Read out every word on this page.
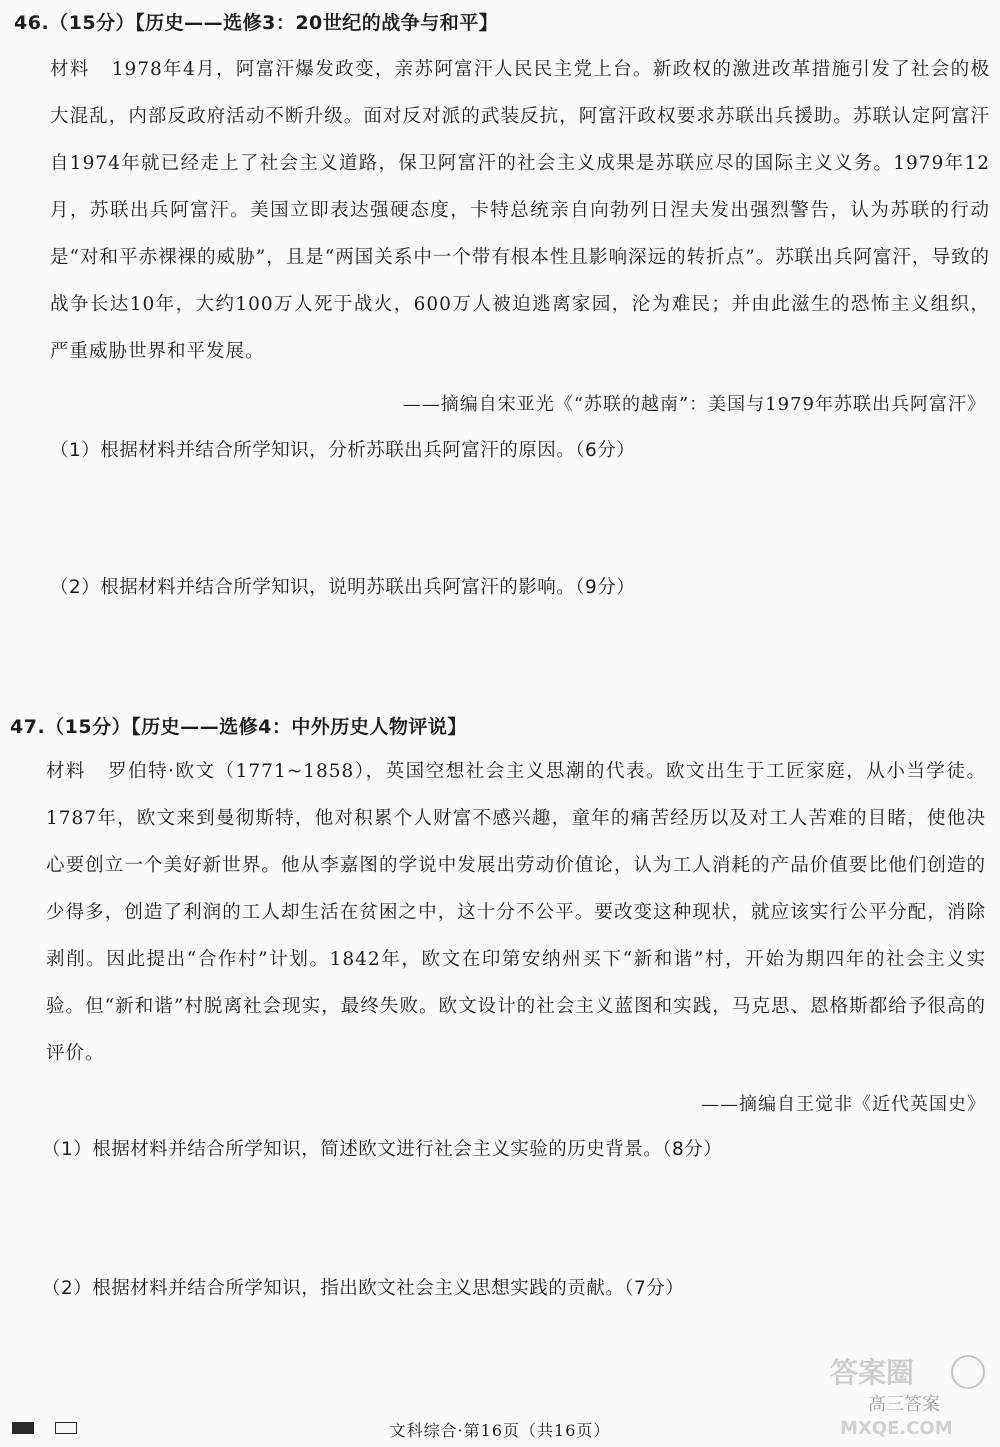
46.（15分）【历史——选修3：20世纪的战争与和平】
材料 1978年4月，阿富汗爆发政变，亲苏阿富汗人民民主党上台。新政权的激进改革措施引发了社会的极大混乱，内部反政府活动不断升级。面对反对派的武装反抗，阿富汗政权要求苏联出兵援助。苏联认定阿富汗自1974年就已经走上了社会主义道路，保卫阿富汗的社会主义成果是苏联应尽的国际主义义务。1979年12月，苏联出兵阿富汗。美国立即表达强硬态度，卡特总统亲自向勃列日涅夫发出强烈警告，认为苏联的行动是“对和平赤裸裸的威胁”，且是“两国关系中一个带有根本性且影响深远的转折点”。苏联出兵阿富汗，导致的战争长达10年，大约100万人死于战火，600万人被迫逃离家园，沦为难民；并由此滋生的恐怖主义组织，严重威胁世界和平发展。
——摘编自宋亚光《“苏联的越南”：美国与1979年苏联出兵阿富汗》
（1）根据材料并结合所学知识，分析苏联出兵阿富汗的原因。（6分）
（2）根据材料并结合所学知识，说明苏联出兵阿富汗的影响。（9分）
47.（15分）【历史——选修4：中外历史人物评说】
材料 罗伯特·欧文（1771~1858），英国空想社会主义思潮的代表。欧文出生于工匠家庭，从小当学徒。1787年，欧文来到曼彻斯特，他对积累个人财富不感兴趣，童年的痛苦经历以及对工人苦难的目睹，使他决心要创立一个美好新世界。他从李嘉图的学说中发展出劳动价值论，认为工人消耗的产品价值要比他们创造的少得多，创造了利润的工人却生活在贫困之中，这十分不公平。要改变这种现状，就应该实行公平分配，消除剥削。因此提出“合作村”计划。1842年，欧文在印第安纳州买下“新和谐”村，开始为期四年的社会主义实验。但“新和谐”村脱离社会现实，最终失败。欧文设计的社会主义蓝图和实践，马克思、恩格斯都给予很高的评价。
——摘编自王觉非《近代英国史》
（1）根据材料并结合所学知识，简述欧文进行社会主义实验的历史背景。（8分）
（2）根据材料并结合所学知识，指出欧文社会主义思想实践的贡献。（7分）
文科综合·第16页（共16页）
答案圈
高三答案
MXQE.COM
